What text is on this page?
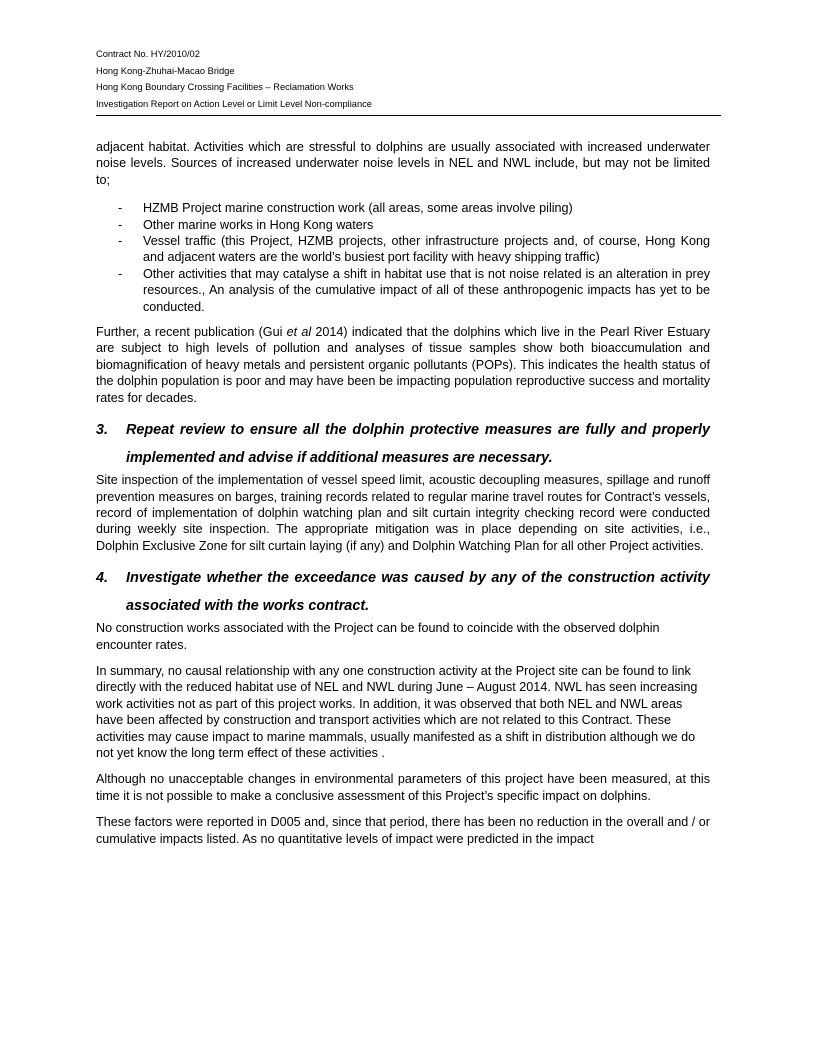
Contract No. HY/2010/02
Hong Kong-Zhuhai-Macao Bridge
Hong Kong Boundary Crossing Facilities – Reclamation Works
Investigation Report on Action Level or Limit Level Non-compliance

adjacent habitat. Activities which are stressful to dolphins are usually associated with increased underwater noise levels. Sources of increased underwater noise levels in NEL and NWL include, but may not be limited to;

- HZMB Project marine construction work (all areas, some areas involve piling)
- Other marine works in Hong Kong waters
- Vessel traffic (this Project, HZMB projects, other infrastructure projects and, of course, Hong Kong and adjacent waters are the world’s busiest port facility with heavy shipping traffic)
- Other activities that may catalyse a shift in habitat use that is not noise related is an alteration in prey resources., An analysis of the cumulative impact of all of these anthropogenic impacts has yet to be conducted.

Further, a recent publication (Gui et al 2014) indicated that the dolphins which live in the Pearl River Estuary are subject to high levels of pollution and analyses of tissue samples show both bioaccumulation and biomagnification of heavy metals and persistent organic pollutants (POPs). This indicates the health status of the dolphin population is poor and may have been be impacting population reproductive success and mortality rates for decades.

3. Repeat review to ensure all the dolphin protective measures are fully and properly implemented and advise if additional measures are necessary.

Site inspection of the implementation of vessel speed limit, acoustic decoupling measures, spillage and runoff prevention measures on barges, training records related to regular marine travel routes for Contract’s vessels, record of implementation of dolphin watching plan and silt curtain integrity checking record were conducted during weekly site inspection. The appropriate mitigation was in place depending on site activities, i.e., Dolphin Exclusive Zone for silt curtain laying (if any) and Dolphin Watching Plan for all other Project activities.

4. Investigate whether the exceedance was caused by any of the construction activity associated with the works contract.

No construction works associated with the Project can be found to coincide with the observed dolphin encounter rates.

In summary, no causal relationship with any one construction activity at the Project site can be found to link directly with the reduced habitat use of NEL and NWL during June – August 2014. NWL has seen increasing work activities not as part of this project works. In addition, it was observed that both NEL and NWL areas have been affected by construction and transport activities which are not related to this Contract. These activities may cause impact to marine mammals, usually manifested as a shift in distribution although we do not yet know the long term effect of these activities .

Although no unacceptable changes in environmental parameters of this project have been measured, at this time it is not possible to make a conclusive assessment of this Project’s specific impact on dolphins.

These factors were reported in D005 and, since that period, there has been no reduction in the overall and / or cumulative impacts listed. As no quantitative levels of impact were predicted in the impact
